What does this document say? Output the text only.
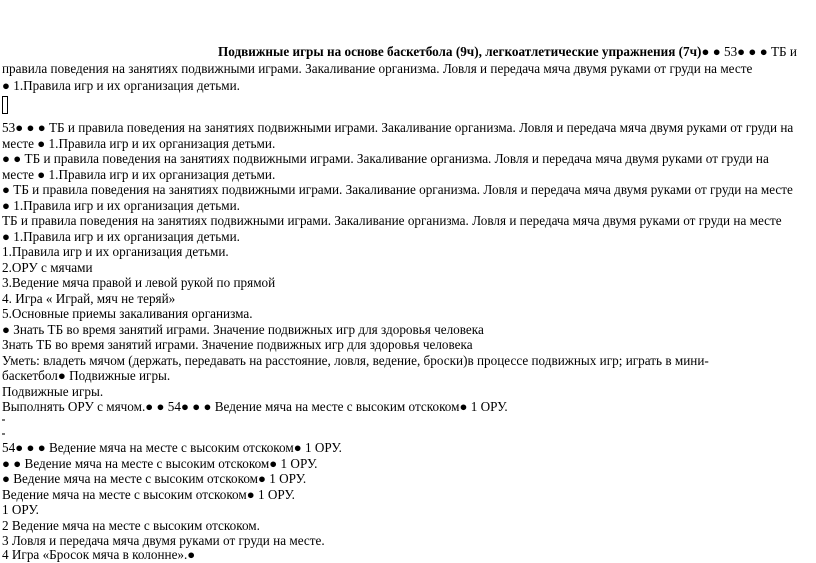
Подвижные игры на основе баскетбола (9ч), легкоатлетические упражнения (7ч)● ● 53● ● ● ТБ и
правила поведения на занятиях подвижными играми. Закаливание организма. Ловля и передача мяча двумя руками от груди на месте
● 1.Правила игр и их организация детьми.
53● ● ● ТБ и правила поведения на занятиях подвижными играми. Закаливание организма. Ловля и передача мяча двумя руками от груди на
месте ● 1.Правила игр и их организация детьми.
● ● ТБ и правила поведения на занятиях подвижными играми. Закаливание организма. Ловля и передача мяча двумя руками от груди на
месте ● 1.Правила игр и их организация детьми.
● ТБ и правила поведения на занятиях подвижными играми. Закаливание организма. Ловля и передача мяча двумя руками от груди на месте
● 1.Правила игр и их организация детьми.
ТБ и правила поведения на занятиях подвижными играми. Закаливание организма. Ловля и передача мяча двумя руками от груди на месте
● 1.Правила игр и их организация детьми.
1.Правила игр и их организация детьми.
2.ОРУ с мячами
3.Ведение мяча правой и левой рукой по прямой
4. Игра « Играй, мяч не теряй»
5.Основные приемы закаливания организма.
● Знать ТБ во время занятий играми. Значение подвижных игр для здоровья человека
Знать ТБ во время занятий играми. Значение подвижных игр для здоровья человека
Уметь: владеть мячом (держать, передавать на расстояние, ловля, ведение, броски)в процессе подвижных игр; играть в мини-
баскетбол● Подвижные игры.
Подвижные игры.
Выполнять ОРУ с мячом.● ● 54● ● ● Ведение мяча на месте с высоким отскоком● 1 ОРУ.
54● ● ● Ведение мяча на месте с высоким отскоком● 1 ОРУ.
● ● Ведение мяча на месте с высоким отскоком● 1 ОРУ.
● Ведение мяча на месте с высоким отскоком● 1 ОРУ.
Ведение мяча на месте с высоким отскоком● 1 ОРУ.
1 ОРУ.
2 Ведение мяча на месте с высоким отскоком.
3 Ловля и передача мяча двумя руками от груди на месте.
4 Игра «Бросок мяча в колонне».●
